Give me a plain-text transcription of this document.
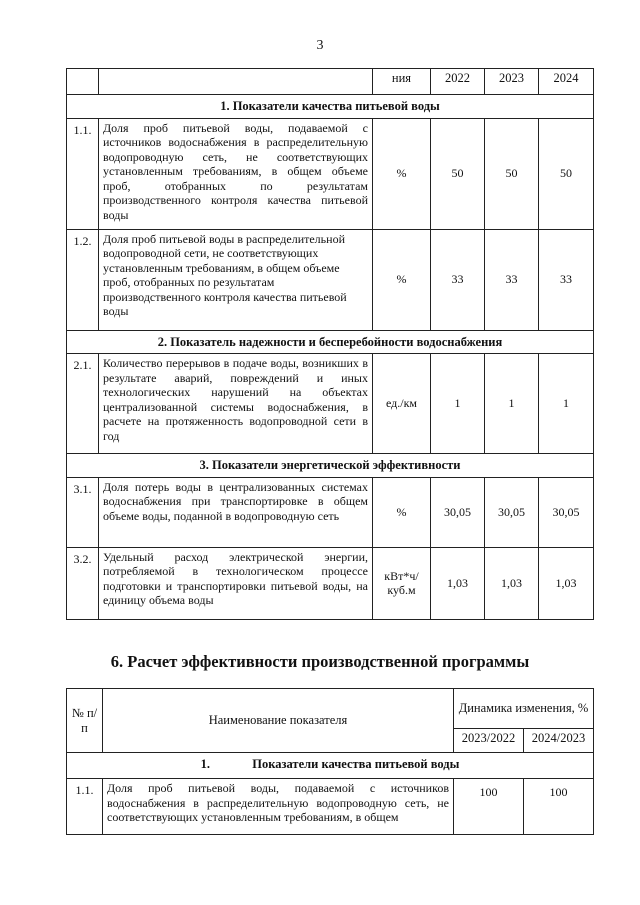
3
		ния	2022	2023	2024
1. Показатели качества питьевой воды					
1.1.	Доля проб питьевой воды, подаваемой с источников водоснабжения в распределительную водопроводную сеть, не соответствующих установленным требованиям, в общем объеме проб, отобранных по результатам производственного контроля качества питьевой воды	%	50	50	50
1.2.	Доля проб питьевой воды в распределительной водопроводной сети, не соответствующих установленным требованиям, в общем объеме проб, отобранных по результатам производственного контроля качества питьевой воды	%	33	33	33
2. Показатель надежности и бесперебойности водоснабжения					
2.1.	Количество перерывов в подаче воды, возникших в результате аварий, повреждений и иных технологических нарушений на объектах централизованной системы водоснабжения, в расчете на протяженность водопроводной сети в год	ед./км	1	1	1
3. Показатели энергетической эффективности					
3.1.	Доля потерь воды в централизованных системах водоснабжения при транспортировке в общем объеме воды, поданной в водопроводную сеть	%	30,05	30,05	30,05
3.2.	Удельный расход электрической энергии, потребляемой в технологическом процессе подготовки и транспортировки питьевой воды, на единицу объема воды	кВт*ч/куб.м	1,03	1,03	1,03
6. Расчет эффективности производственной программы
№ п/п	Наименование показателя	Динамика изменения, %	
		2023/2022	2024/2023
1. Показатели качества питьевой воды			
1.1.	Доля проб питьевой воды, подаваемой с источников водоснабжения в распределительную водопроводную сеть, не соответствующих установленным требованиям, в общем	100	100
